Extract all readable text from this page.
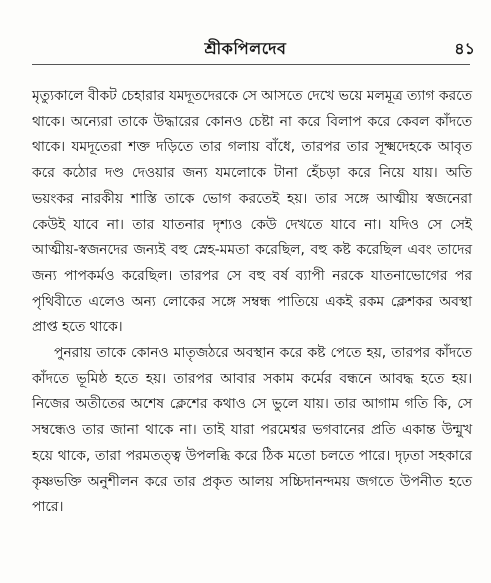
শ্রীকপিলদেব	৪১

মৃত্যুকালে বীকট চেহারার যমদূতদেরকে সে আসতে দেখে ভয়ে মলমূত্র ত্যাগ করতে থাকে। অন্যেরা তাকে উদ্ধারের কোনও চেষ্টা না করে বিলাপ করে কেবল কাঁদতে থাকে। যমদূতেরা শক্ত দড়িতে তার গলায় বাঁধে, তারপর তার সূক্ষ্মদেহকে আবৃত করে কঠোর দণ্ড দেওয়ার জন্য যমলোকে টানা হেঁচড়া করে নিয়ে যায়। অতি ভয়ংকর নারকীয় শাস্তি তাকে ভোগ করতেই হয়। তার সঙ্গে আত্মীয় স্বজনেরা কেউই যাবে না। তার যাতনার দৃশ্যও কেউ দেখতে যাবে না। যদিও সে সেই আত্মীয়-স্বজনদের জন্যই বহু স্নেহ-মমতা করেছিল, বহু কষ্ট করেছিল এবং তাদের জন্য পাপকর্মও করেছিল। তারপর সে বহু বর্ষ ব্যাপী নরকে যাতনাভোগের পর পৃথিবীতে এলেও অন্য লোকের সঙ্গে সম্বন্ধ পাতিয়ে একই রকম ক্লেশকর অবস্থা প্রাপ্ত হতে থাকে।

পুনরায় তাকে কোনও মাতৃজঠরে অবস্থান করে কষ্ট পেতে হয়, তারপর কাঁদতে কাঁদতে ভূমিষ্ঠ হতে হয়। তারপর আবার সকাম কর্মের বন্ধনে আবদ্ধ হতে হয়। নিজের অতীতের অশেষ ক্লেশের কথাও সে ভুলে যায়। তার আগাম গতি কি, সে সম্বন্ধেও তার জানা থাকে না। তাই যারা পরমেশ্বর ভগবানের প্রতি একান্ত উন্মুখ হয়ে থাকে, তারা পরমতত্ত্ব উপলব্ধি করে ঠিক মতো চলতে পারে। দৃঢ়তা সহকারে কৃষ্ণভক্তি অনুশীলন করে তার প্রকৃত আলয় সচ্চিদানন্দময় জগতে উপনীত হতে পারে।
